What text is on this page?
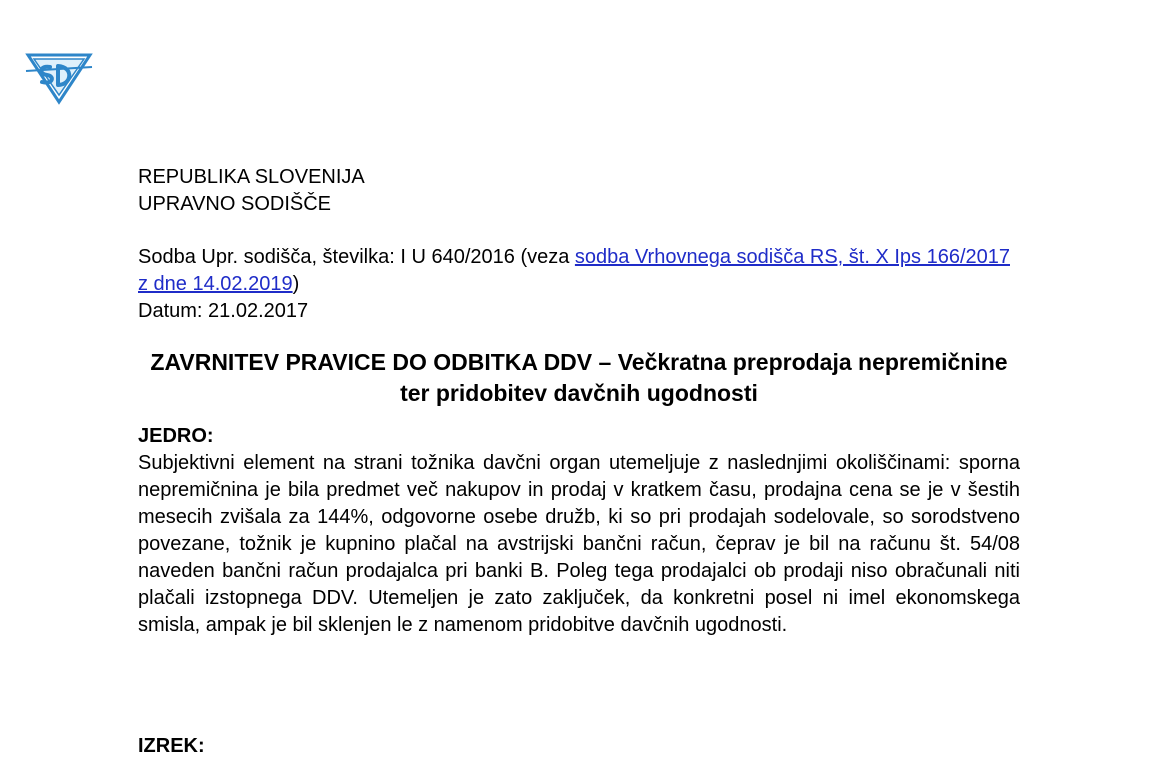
REPUBLIKA SLOVENIJA
UPRAVNO SODIŠČE
Sodba Upr. sodišča, številka: I U 640/2016 (veza sodba Vrhovnega sodišča RS, št. X Ips 166/2017 z dne 14.02.2019)
Datum: 21.02.2017

ZAVRNITEV PRAVICE DO ODBITKA DDV – Večkratna preprodaja nepremičnine ter pridobitev davčnih ugodnosti

JEDRO:

Subjektivni element na strani tožnika davčni organ utemeljuje z naslednjimi okoliščinami: sporna nepremičnina je bila predmet več nakupov in prodaj v kratkem času, prodajna cena se je v šestih mesecih zvišala za 144%, odgovorne osebe družb, ki so pri prodajah sodelovale, so sorodstveno povezane, tožnik je kupnino plačal na avstrijski bančni račun, čeprav je bil na računu št. 54/08 naveden bančni račun prodajalca pri banki B. Poleg tega prodajalci ob prodaji niso obračunali niti plačali izstopnega DDV. Utemeljen je zato zaključek, da konkretni posel ni imel ekonomskega smisla, ampak je bil sklenjen le z namenom pridobitve davčnih ugodnosti.

IZREK:
